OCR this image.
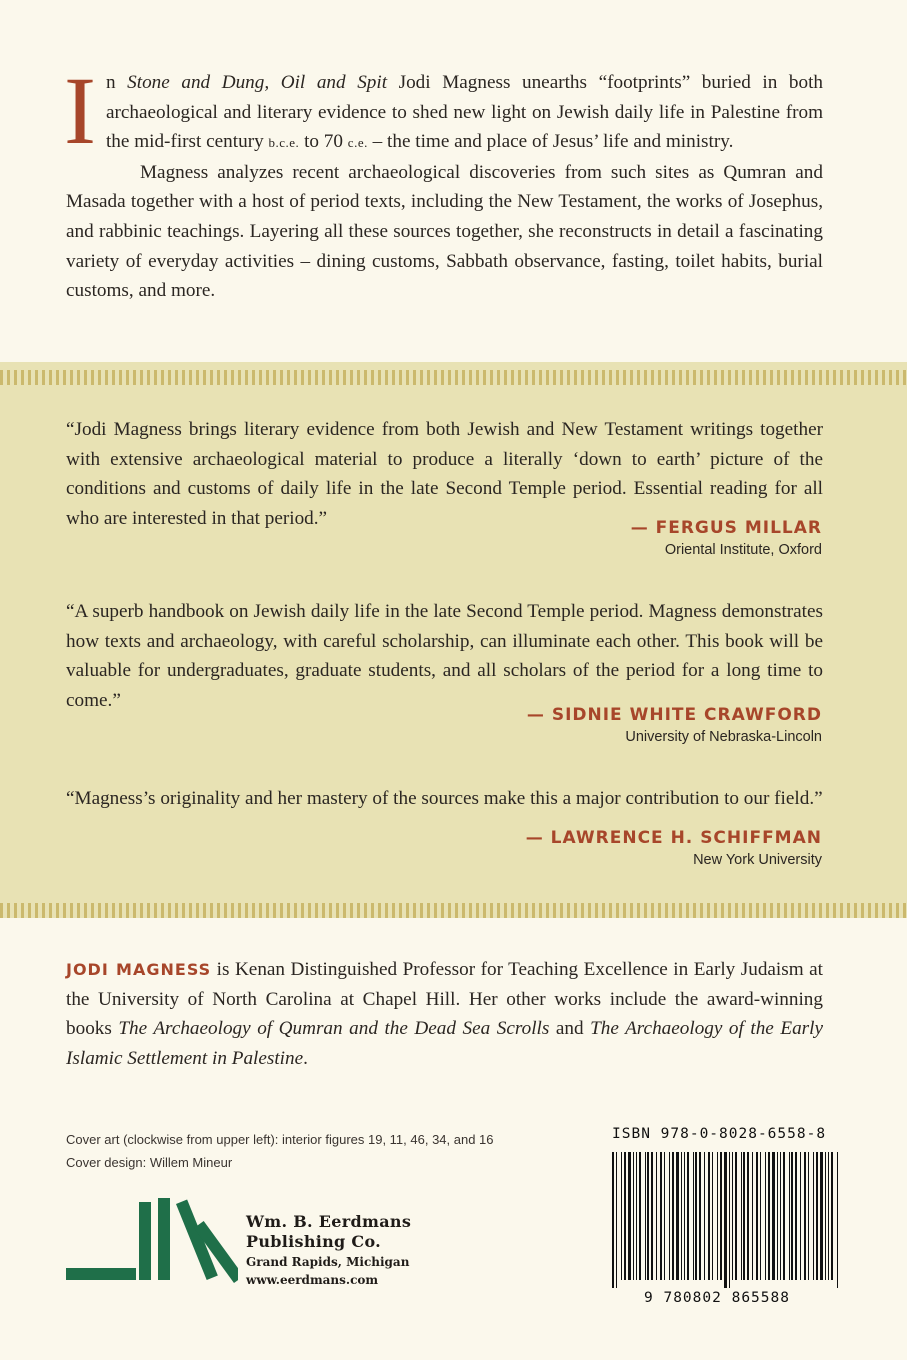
In Stone and Dung, Oil and Spit Jodi Magness unearths “footprints” buried in both archaeological and literary evidence to shed new light on Jewish daily life in Palestine from the mid-first century b.c.e. to 70 c.e. – the time and place of Jesus’ life and ministry.

Magness analyzes recent archaeological discoveries from such sites as Qumran and Masada together with a host of period texts, including the New Testament, the works of Josephus, and rabbinic teachings. Layering all these sources together, she reconstructs in detail a fascinating variety of everyday activities – dining customs, Sabbath observance, fasting, toilet habits, burial customs, and more.

“Jodi Magness brings literary evidence from both Jewish and New Testament writings together with extensive archaeological material to produce a literally ‘down to earth’ picture of the conditions and customs of daily life in the late Second Temple period. Essential reading for all who are interested in that period.”	— FERGUS MILLAR
Oriental Institute, Oxford
“A superb handbook on Jewish daily life in the late Second Temple period. Magness demonstrates how texts and archaeology, with careful scholarship, can illuminate each other. This book will be valuable for undergraduates, graduate students, and all scholars of the period for a long time to come.”
— SIDNIE WHITE CRAWFORD
University of Nebraska-Lincoln
“Magness’s originality and her mastery of the sources make this a major contribution to our field.”
— LAWRENCE H. SCHIFFMAN
New York University
JODI MAGNESS is Kenan Distinguished Professor for Teaching Excellence in Early Judaism at the University of North Carolina at Chapel Hill. Her other works include the award-winning books The Archaeology of Qumran and the Dead Sea Scrolls and The Archaeology of the Early Islamic Settlement in Palestine.
Cover art (clockwise from upper left): interior figures 19, 11, 46, 34, and 16
Cover design: Willem Mineur
Wm. B. Eerdmans
Publishing Co.
Grand Rapids, Michigan
www.eerdmans.com
ISBN 978-0-8028-6558-8
9 780802 865588
